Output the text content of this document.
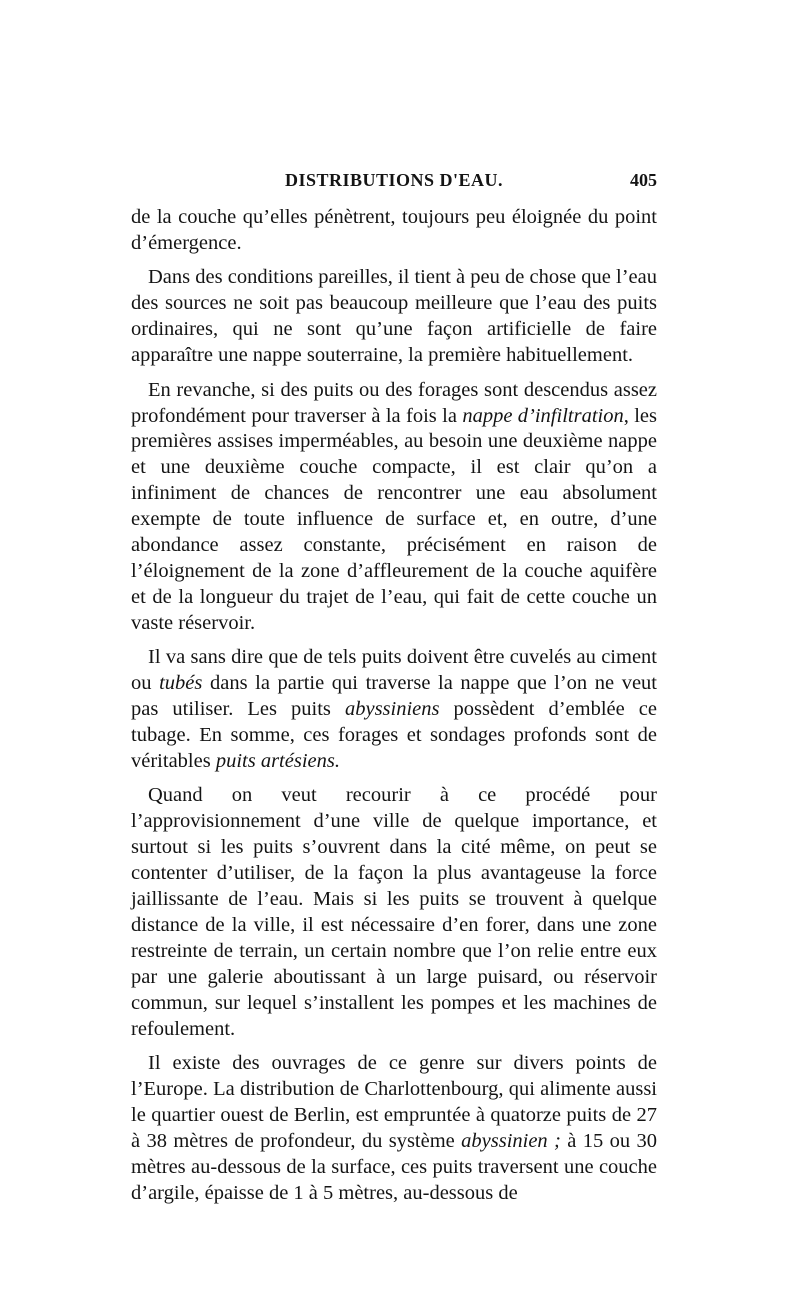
DISTRIBUTIONS D'EAU.	405

de la couche qu’elles pénètrent, toujours peu éloignée du point d’émergence.

Dans des conditions pareilles, il tient à peu de chose que l’eau des sources ne soit pas beaucoup meilleure que l’eau des puits ordinaires, qui ne sont qu’une façon artificielle de faire apparaître une nappe souterraine, la première habituellement.

En revanche, si des puits ou des forages sont descendus assez profondément pour traverser à la fois la nappe d’infiltration, les premières assises imperméables, au besoin une deuxième nappe et une deuxième couche compacte, il est clair qu’on a infiniment de chances de rencontrer une eau absolument exempte de toute influence de surface et, en outre, d’une abondance assez constante, précisément en raison de l’éloignement de la zone d’affleurement de la couche aquifère et de la longueur du trajet de l’eau, qui fait de cette couche un vaste réservoir.

Il va sans dire que de tels puits doivent être cuvelés au ciment ou tubés dans la partie qui traverse la nappe que l’on ne veut pas utiliser. Les puits abyssiniens possèdent d’emblée ce tubage. En somme, ces forages et sondages profonds sont de véritables puits artésiens.

Quand on veut recourir à ce procédé pour l’approvisionnement d’une ville de quelque importance, et surtout si les puits s’ouvrent dans la cité même, on peut se contenter d’utiliser, de la façon la plus avantageuse la force jaillissante de l’eau. Mais si les puits se trouvent à quelque distance de la ville, il est nécessaire d’en forer, dans une zone restreinte de terrain, un certain nombre que l’on relie entre eux par une galerie aboutissant à un large puisard, ou réservoir commun, sur lequel s’installent les pompes et les machines de refoulement.

Il existe des ouvrages de ce genre sur divers points de l’Europe. La distribution de Charlottenbourg, qui alimente aussi le quartier ouest de Berlin, est empruntée à quatorze puits de 27 à 38 mètres de profondeur, du système abyssinien ; à 15 ou 30 mètres au-dessous de la surface, ces puits traversent une couche d’argile, épaisse de 1 à 5 mètres, au-dessous de
